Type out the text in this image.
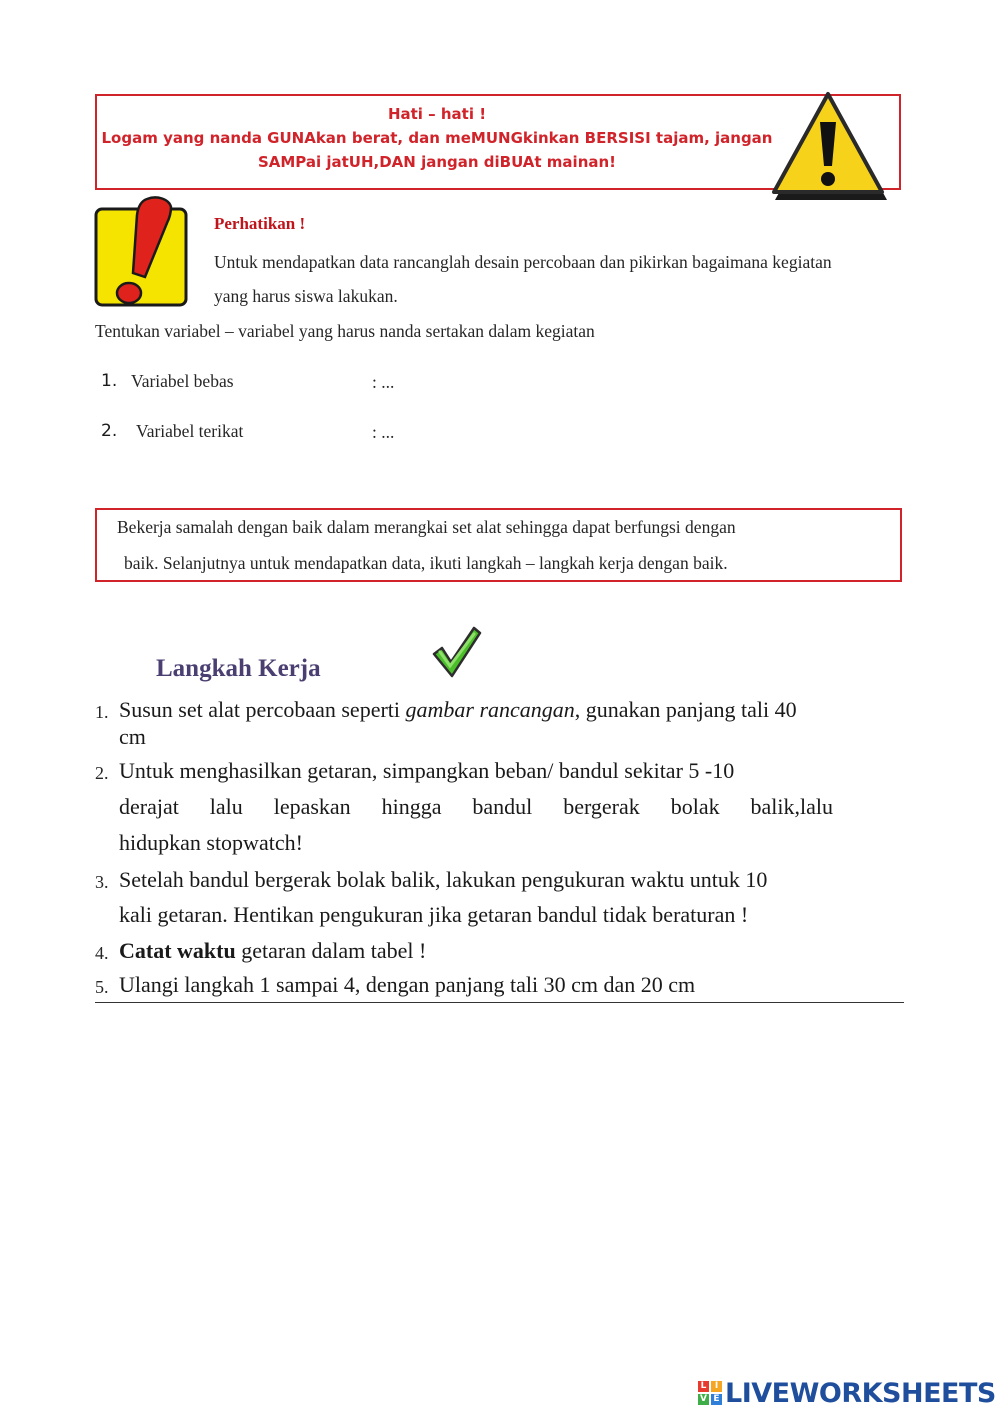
Hati – hati !
Logam yang nanda GUNAkan berat, dan meMUNGkinkan BERSISI tajam, jangan
SAMPai jatUH,DAN jangan diBUAt mainan!
Perhatikan !
Untuk mendapatkan data rancanglah desain percobaan dan pikirkan bagaimana kegiatan
yang harus siswa lakukan.
Tentukan variabel – variabel yang harus nanda sertakan dalam kegiatan
1. Variabel bebas	: ...
2. Variabel terikat	: ...
Bekerja samalah dengan baik dalam merangkai set alat sehingga dapat berfungsi dengan
baik. Selanjutnya untuk mendapatkan data, ikuti langkah – langkah kerja dengan baik.
Langkah Kerja
1. Susun set alat percobaan seperti gambar rancangan, gunakan panjang tali 40
cm
2. Untuk menghasilkan getaran, simpangkan beban/ bandul sekitar 5 -10
derajat lalu lepaskan hingga bandul bergerak bolak balik,lalu
hidupkan stopwatch!
3. Setelah bandul bergerak bolak balik, lakukan pengukuran waktu untuk 10
kali getaran. Hentikan pengukuran jika getaran bandul tidak beraturan !
4. Catat waktu getaran dalam tabel !
5. Ulangi langkah 1 sampai 4, dengan panjang tali 30 cm dan 20 cm
L I
V E LIVEWORKSHEETS
